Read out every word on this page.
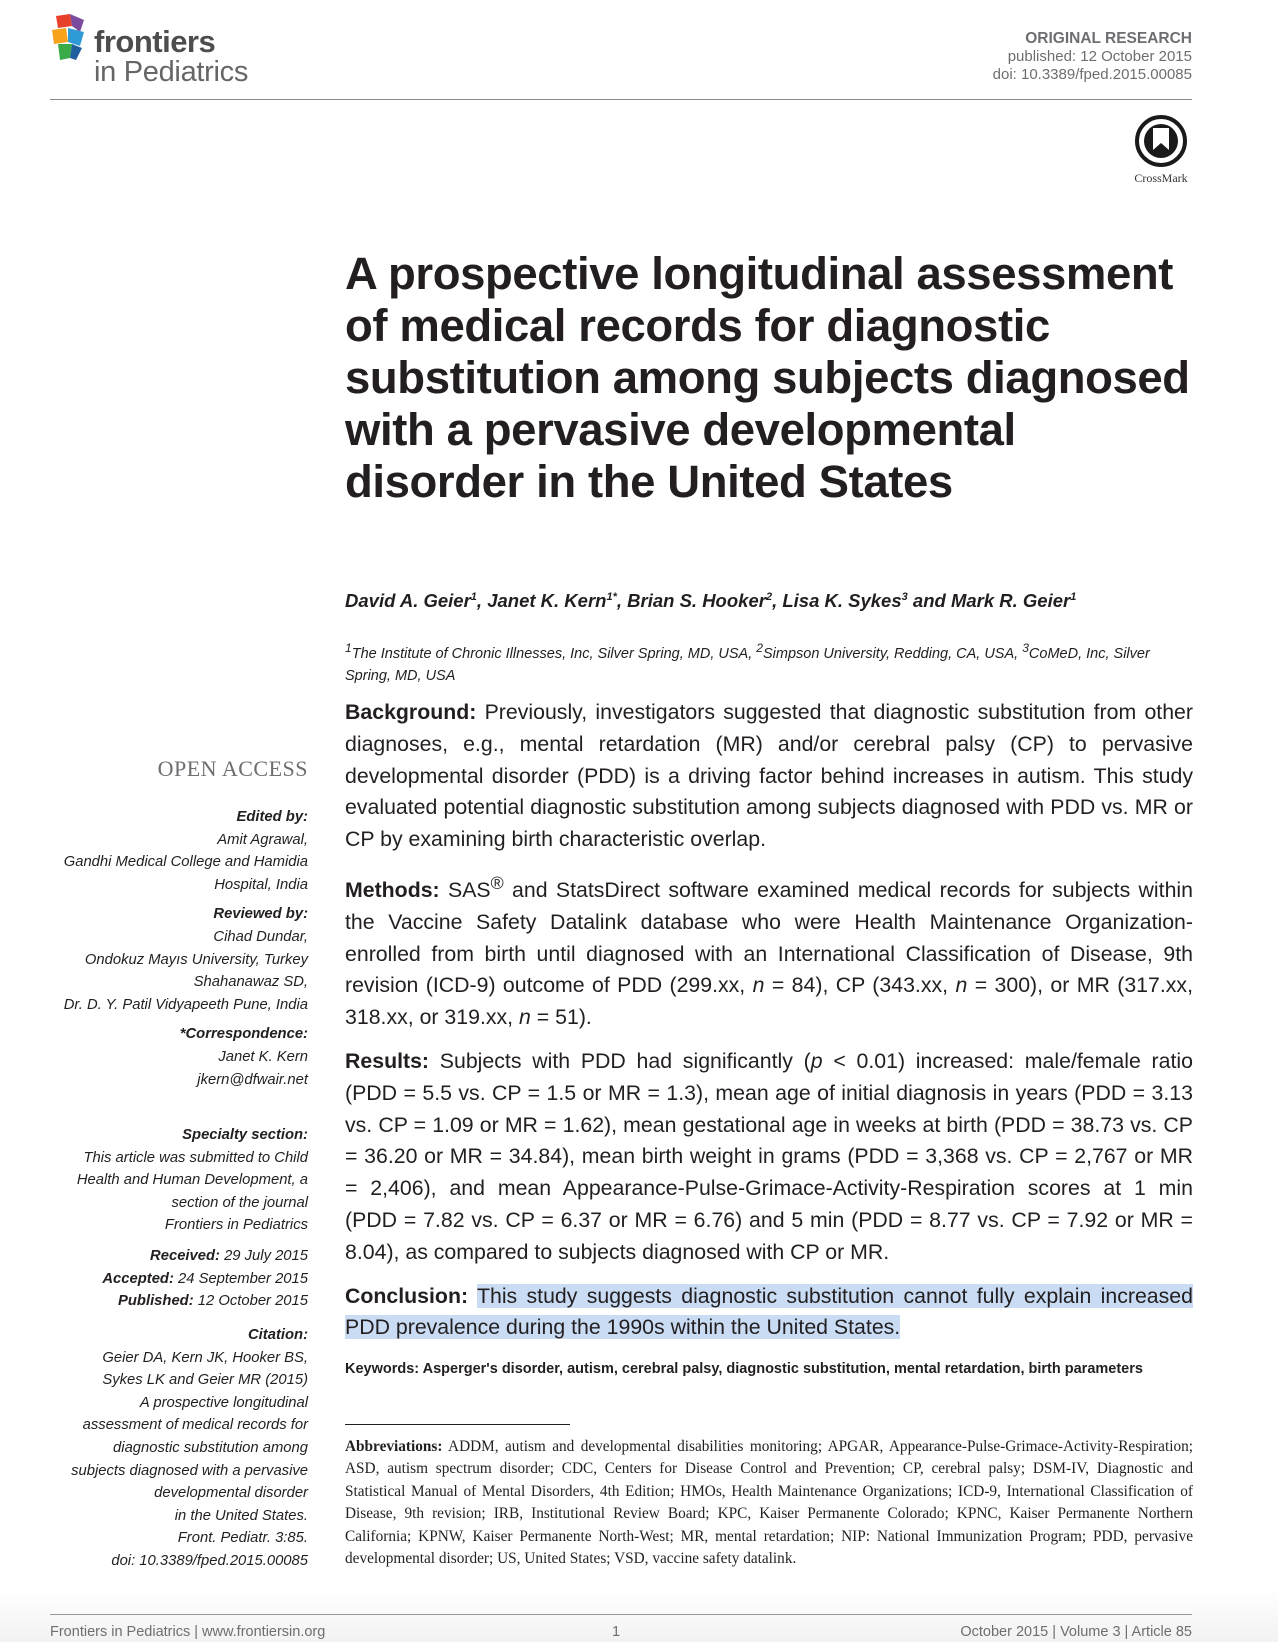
frontiers
in Pediatrics
ORIGINAL RESEARCH
published: 12 October 2015
doi: 10.3389/fped.2015.00085
CrossMark
A prospective longitudinal assessment of medical records for diagnostic substitution among subjects diagnosed with a pervasive developmental disorder in the United States
David A. Geier$^1$, Janet K. Kern$^{1*}$, Brian S. Hooker$^2$, Lisa K. Sykes$^3$ and Mark R. Geier$^1$
$^1$The Institute of Chronic Illnesses, Inc, Silver Spring, MD, USA, $^2$Simpson University, Redding, CA, USA, $^3$CoMeD, Inc, Silver Spring, MD, USA

Background: Previously, investigators suggested that diagnostic substitution from other diagnoses, e.g., mental retardation (MR) and/or cerebral palsy (CP) to pervasive developmental disorder (PDD) is a driving factor behind increases in autism. This study evaluated potential diagnostic substitution among subjects diagnosed with PDD vs. MR or CP by examining birth characteristic overlap.

Methods: SAS® and StatsDirect software examined medical records for subjects within the Vaccine Safety Datalink database who were Health Maintenance Organization-enrolled from birth until diagnosed with an International Classification of Disease, 9th revision (ICD-9) outcome of PDD (299.xx, n = 84), CP (343.xx, n = 300), or MR (317.xx, 318.xx, or 319.xx, n = 51).

Results: Subjects with PDD had significantly (p < 0.01) increased: male/female ratio (PDD = 5.5 vs. CP = 1.5 or MR = 1.3), mean age of initial diagnosis in years (PDD = 3.13 vs. CP = 1.09 or MR = 1.62), mean gestational age in weeks at birth (PDD = 38.73 vs. CP = 36.20 or MR = 34.84), mean birth weight in grams (PDD = 3,368 vs. CP = 2,767 or MR = 2,406), and mean Appearance-Pulse-Grimace-Activity-Respiration scores at 1 min (PDD = 7.82 vs. CP = 6.37 or MR = 6.76) and 5 min (PDD = 8.77 vs. CP = 7.92 or MR = 8.04), as compared to subjects diagnosed with CP or MR.

Conclusion: This study suggests diagnostic substitution cannot fully explain increased PDD prevalence during the 1990s within the United States.

Keywords: Asperger's disorder, autism, cerebral palsy, diagnostic substitution, mental retardation, birth parameters
Abbreviations: ADDM, autism and developmental disabilities monitoring; APGAR, Appearance-Pulse-Grimace-Activity-Respiration; ASD, autism spectrum disorder; CDC, Centers for Disease Control and Prevention; CP, cerebral palsy; DSM-IV, Diagnostic and Statistical Manual of Mental Disorders, 4th Edition; HMOs, Health Maintenance Organizations; ICD-9, International Classification of Disease, 9th revision; IRB, Institutional Review Board; KPC, Kaiser Permanente Colorado; KPNC, Kaiser Permanente Northern California; KPNW, Kaiser Permanente North-West; MR, mental retardation; NIP: National Immunization Program; PDD, pervasive developmental disorder; US, United States; VSD, vaccine safety datalink.
OPEN ACCESS
Edited by:
Amit Agrawal,
Gandhi Medical College and Hamidia
Hospital, India
Reviewed by:
Cihad Dundar,
Ondokuz Mayıs University, Turkey
Shahanawaz SD,
Dr. D. Y. Patil Vidyapeeth Pune, India
*Correspondence:
Janet K. Kern
jkern@dfwair.net
Specialty section:
This article was submitted to Child
Health and Human Development, a
section of the journal
Frontiers in Pediatrics
Received: 29 July 2015
Accepted: 24 September 2015
Published: 12 October 2015
Citation:
Geier DA, Kern JK, Hooker BS,
Sykes LK and Geier MR (2015)
A prospective longitudinal
assessment of medical records for
diagnostic substitution among
subjects diagnosed with a pervasive
developmental disorder
in the United States.
Front. Pediatr. 3:85.
doi: 10.3389/fped.2015.00085
Frontiers in Pediatrics | www.frontiersin.org	1	October 2015 | Volume 3 | Article 85
